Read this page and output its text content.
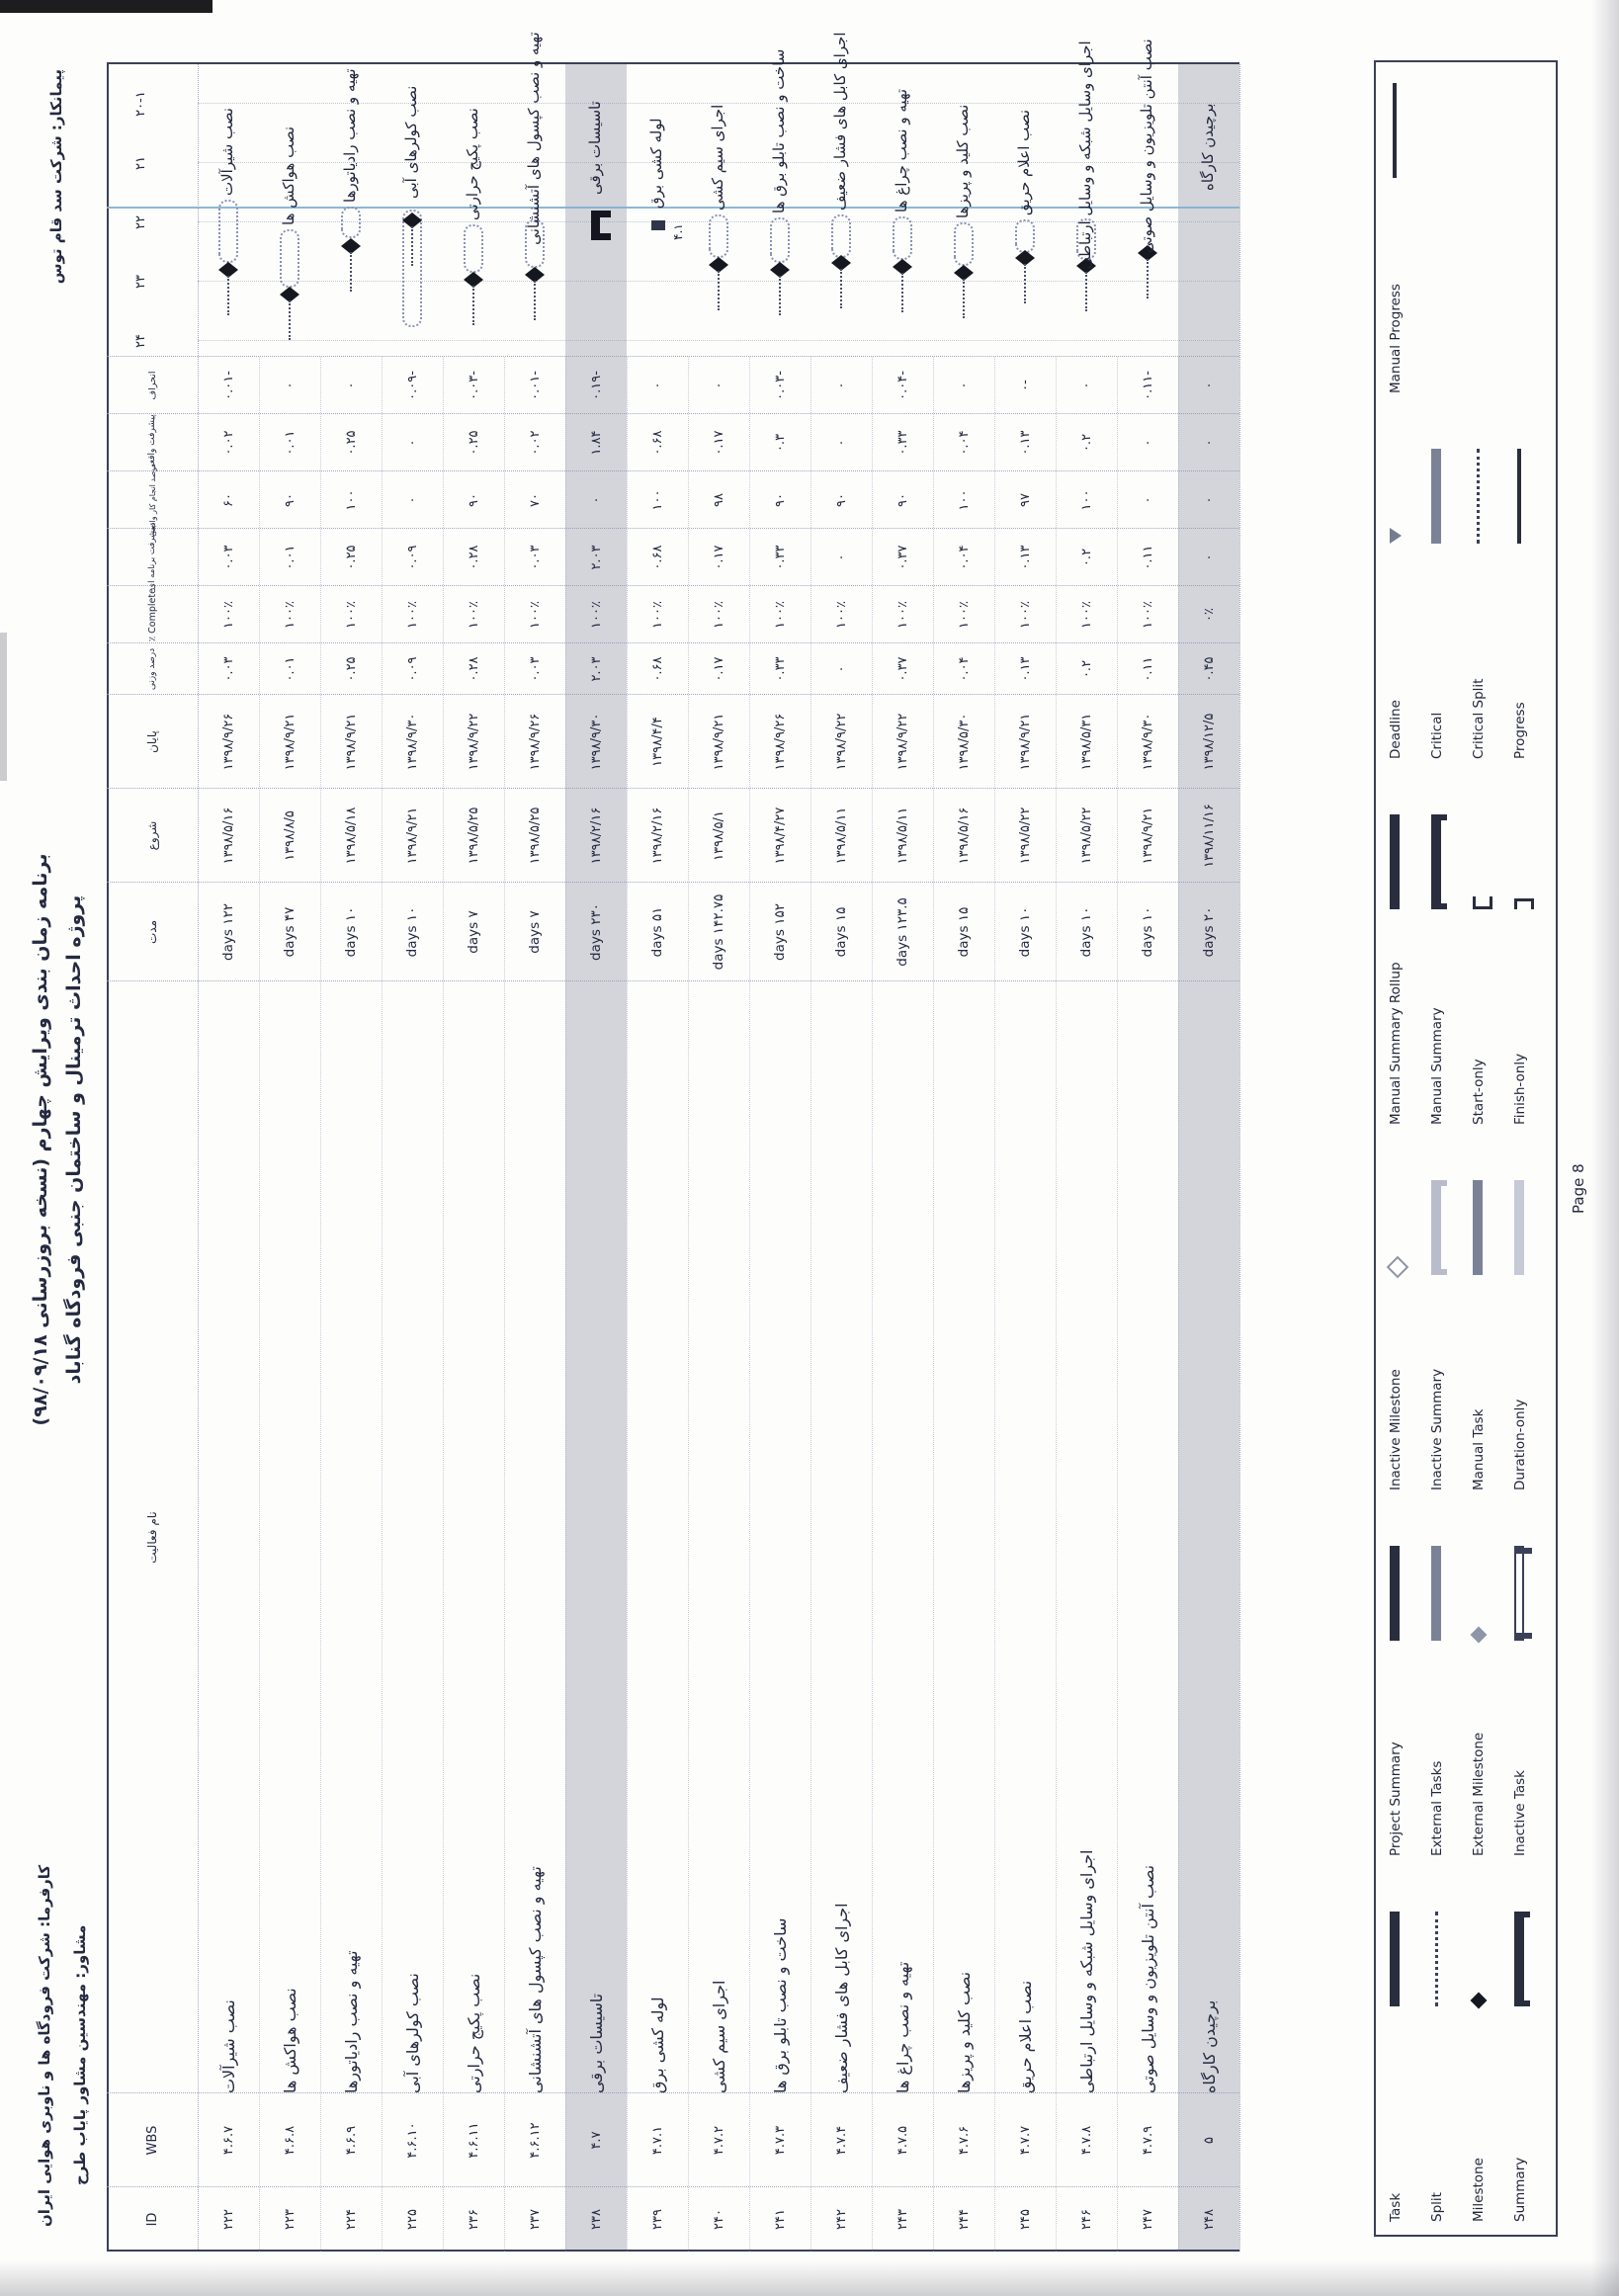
کارفرما: شرکت فرودگاه ها و ناوبری هوایی ایران مشاور: مهندسین مشاور پایاب طرح
برنامه زمان بندی ویرایش چهارم (نسخه بروزرسانی ۹۸/۰۹/۱۸) پروژه احداث ترمینال و ساختمان جنبی فرودگاه گناباد
پیمانکار: شرکت سد قام توس
Page 8
ID
WBS
نام فعالیت
مدت
شروع
پایان
درصد وزنی
٪ Complete
پیشرفت برنامه ای
درصد انجام کار واقعی
پیشرفت واقعی
انحراف
۲۴
۲۳
۲۲
۲۱
۲۰-۱
۲۲۲
۴.۶.۷
نصب شیرآلات
۱۲۲ days
۱۳۹۸/۵/۱۶
۱۳۹۸/۹/۲۶
۰.۰۳
۱۰۰٪
۰.۰۳
۶۰
۰.۰۲
-۰.۰۱
نصب شیرآلات
۲۲۳
۴.۶.۸
نصب هواکش ها
۴۷ days
۱۳۹۸/۸/۵
۱۳۹۸/۹/۲۱
۰.۰۱
۱۰۰٪
۰.۰۱
۹۰
۰.۰۱
۰
نصب هواکش ها
۲۲۴
۴.۶.۹
تهیه و نصب رادیاتورها
۱۰ days
۱۳۹۸/۵/۱۸
۱۳۹۸/۹/۲۱
۰.۲۵
۱۰۰٪
۰.۲۵
۱۰۰
۰.۲۵
۰
تهیه و نصب رادیاتورها
۲۲۵
۴.۶.۱۰
نصب کولرهای آبی
۱۰ days
۱۳۹۸/۹/۲۱
۱۳۹۸/۹/۳۰
۰.۰۹
۱۰۰٪
۰.۰۹
۰
۰
-۰.۰۹
نصب کولرهای آبی
۲۳۶
۴.۶.۱۱
نصب پکیج حرارتی
۷ days
۱۳۹۸/۵/۲۵
۱۳۹۸/۹/۲۲
۰.۲۸
۱۰۰٪
۰.۲۸
۹۰
۰.۲۵
-۰.۰۳
نصب پکیج حرارتی
۲۳۷
۴.۶.۱۲
تهیه و نصب کپسول های آتشنشانی
۷ days
۱۳۹۸/۵/۲۵
۱۳۹۸/۹/۲۶
۰.۰۳
۱۰۰٪
۰.۰۳
۷۰
۰.۰۲
-۰.۰۱
تهیه و نصب کپسول های آتشنشانی
۲۳۸
۴.۷
تاسیسات برقی
۲۳۰ days
۱۳۹۸/۲/۱۶
۱۳۹۸/۹/۳۰
۲.۰۳
۱۰۰٪
۲.۰۳
۰
۱.۸۴
-۰.۱۹
تاسیسات برقی
۲۳۹
۴.۷.۱
لوله کشی برق
۵۱ days
۱۳۹۸/۲/۱۶
۱۳۹۸/۴/۴
۰.۶۸
۱۰۰٪
۰.۶۸
۱۰۰
۰.۶۸
۰
لوله کشی برق
۴.۱
۲۴۰
۴.۷.۲
اجرای سیم کشی
۱۴۲.۷۵ days
۱۳۹۸/۵/۱
۱۳۹۸/۹/۲۱
۰.۱۷
۱۰۰٪
۰.۱۷
۹۸
۰.۱۷
۰
اجرای سیم کشی
۲۴۱
۴.۷.۳
ساخت و نصب تابلو برق ها
۱۵۲ days
۱۳۹۸/۴/۲۷
۱۳۹۸/۹/۲۶
۰.۳۳
۱۰۰٪
۰.۳۳
۹۰
۰.۳
-۰.۰۳
ساخت و نصب تابلو برق ها
۲۴۲
۴.۷.۴
اجرای کابل های فشار ضعیف
۱۵ days
۱۳۹۸/۵/۱۱
۱۳۹۸/۹/۲۲
۰
۱۰۰٪
۰
۹۰
۰
۰
اجرای کابل های فشار ضعیف
۲۴۳
۴.۷.۵
تهیه و نصب چراغ ها
۱۲۳.۵ days
۱۳۹۸/۵/۱۱
۱۳۹۸/۹/۲۲
۰.۳۷
۱۰۰٪
۰.۳۷
۹۰
۰.۳۳
-۰.۰۴
تهیه و نصب چراغ ها
۲۴۴
۴.۷.۶
نصب کلید و پریزها
۱۵ days
۱۳۹۸/۵/۱۶
۱۳۹۸/۵/۳۰
۰.۰۴
۱۰۰٪
۰.۰۴
۱۰۰
۰.۰۴
۰
نصب کلید و پریزها
۲۴۵
۴.۷.۷
نصب اعلام حریق
۱۰ days
۱۳۹۸/۵/۲۲
۱۳۹۸/۹/۲۱
۰.۱۳
۱۰۰٪
۰.۱۳
۹۷
۰.۱۳
-۰
نصب اعلام حریق
۲۴۶
۴.۷.۸
اجرای وسایل شبکه و وسایل ارتباطی
۱۰ days
۱۳۹۸/۵/۲۲
۱۳۹۸/۵/۳۱
۰.۲
۱۰۰٪
۰.۲
۱۰۰
۰.۲
۰
اجرای وسایل شبکه و وسایل ارتباطی
۲۴۷
۴.۷.۹
نصب آنتن تلویزیون و وسایل صوتی
۱۰ days
۱۳۹۸/۹/۲۱
۱۳۹۸/۹/۳۰
۰.۱۱
۱۰۰٪
۰.۱۱
۰
۰
-۰.۱۱
نصب آنتن تلویزیون و وسایل صوتی
۲۴۸
۵
برچیدن کارگاه
۲۰ days
۱۳۹۸/۱۱/۱۶
۱۳۹۸/۱۲/۵
۰.۴۵
۰٪
۰
۰
۰
۰
برچیدن کارگاه
Task Split Milestone Summary
Project Summary External Tasks External Milestone Inactive Task
Inactive Milestone Inactive Summary Manual Task Duration-only
Manual Summary Rollup Manual Summary Start-only Finish-only
Deadline Critical Critical Split Progress
Manual Progress
